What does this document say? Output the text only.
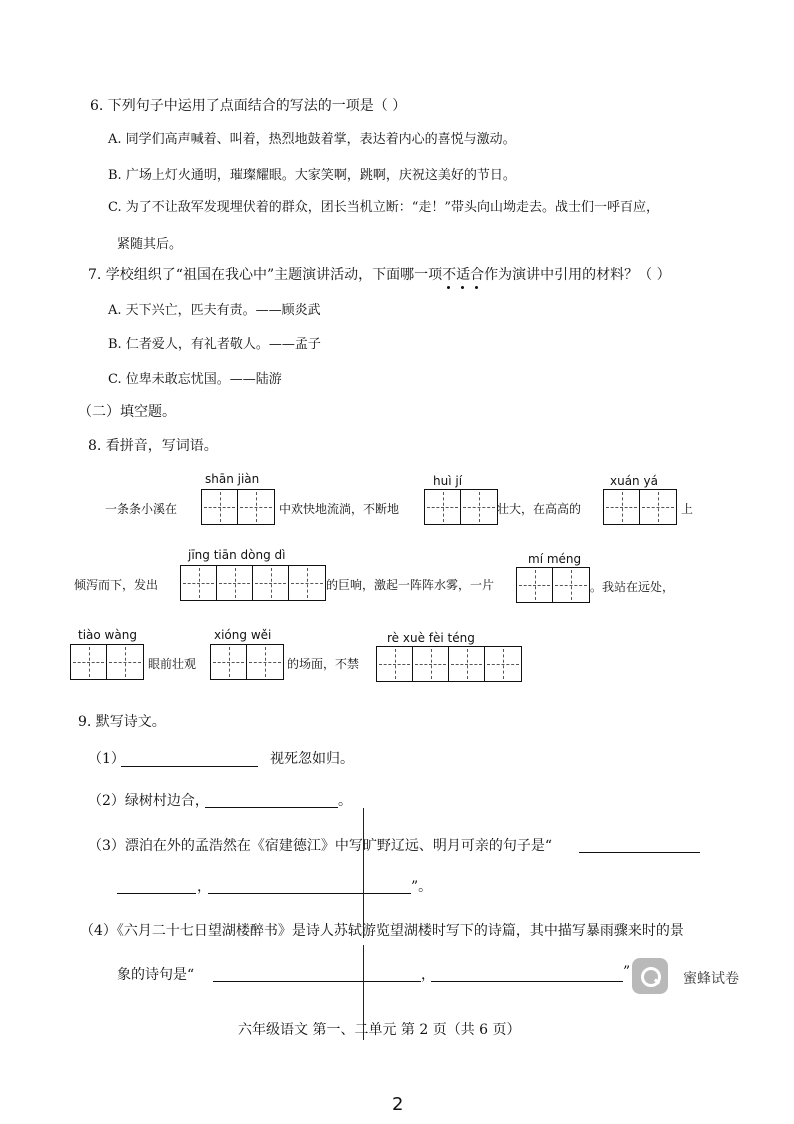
6. 下列句子中运用了点面结合的写法的一项是（ ）
A. 同学们高声喊着、叫着，热烈地鼓着掌，表达着内心的喜悦与激动。
B. 广场上灯火通明，璀璨耀眼。大家笑啊，跳啊，庆祝这美好的节日。
C. 为了不让敌军发现埋伏着的群众，团长当机立断：“走！”带头向山坳走去。战士们一呼百应，
紧随其后。
7. 学校组织了“祖国在我心中”主题演讲活动，下面哪一项不适合作为演讲中引用的材料？（ ）
A. 天下兴亡，匹夫有责。——顾炎武
B. 仁者爱人，有礼者敬人。——孟子
C. 位卑未敢忘忧国。——陆游
（二）填空题。
8. 看拼音，写词语。
shān jiàn
一条条小溪在	中欢快地流淌，不断地
huì jí
壮大，在高高的
xuán yá
上
jīng tiān dòng dì
倾泻而下，发出	的巨响，激起一阵阵水雾，一片
mí méng
。我站在远处，
tiào wàng
眼前壮观
xióng wěi
的场面，不禁
rè xuè fèi téng
9. 默写诗文。
（1）	视死忽如归。
（2）绿树村边合，	。
（3）漂泊在外的孟浩然在《宿建德江》中写旷野辽远、明月可亲的句子是“
，	”。
（4）《六月二十七日望湖楼醉书》是诗人苏轼游览望湖楼时写下的诗篇，其中描写暴雨骤来时的景
象的诗句是“	，	”	蜜蜂试卷
六年级语文 第一、二单元 第 2 页（共 6 页）
2
